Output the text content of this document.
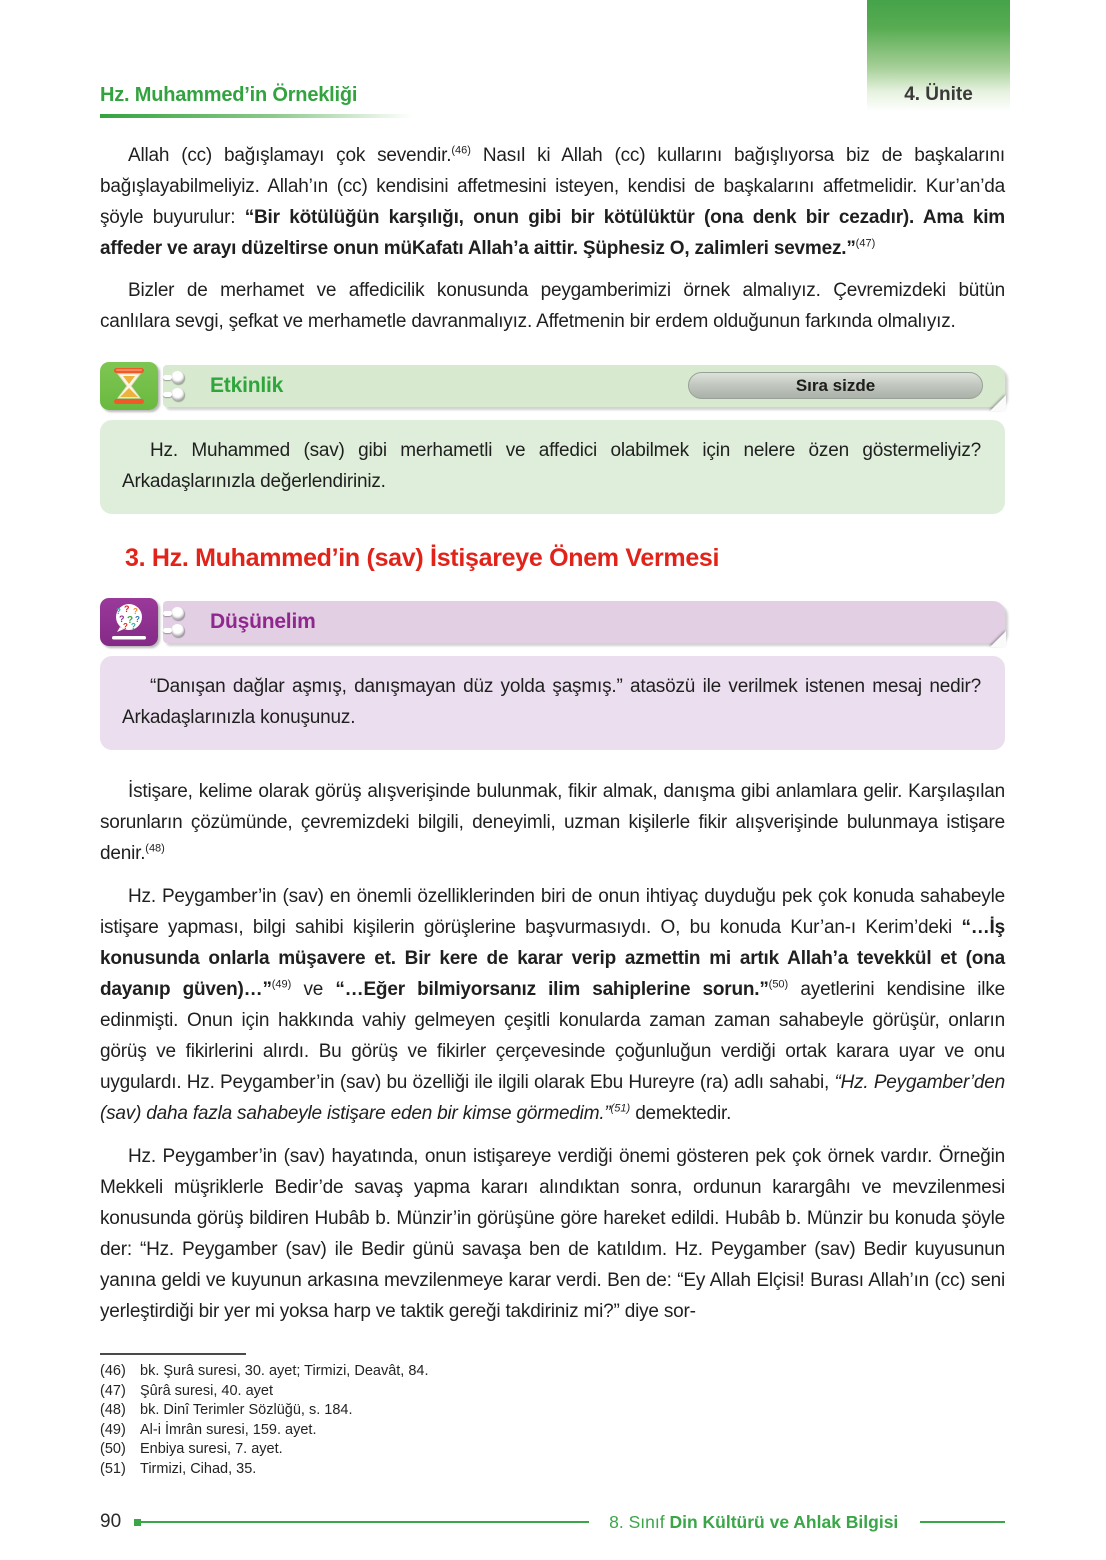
4. Ünite
Hz. Muhammed’in Örnekliği

Allah (cc) bağışlamayı çok sevendir.$^{(46)}$ Nasıl ki Allah (cc) kullarını bağışlıyorsa biz de başkalarını bağışlayabilmeliyiz. Allah’ın (cc) kendisini affetmesini isteyen, kendisi de başkalarını affetmelidir. Kur’an’da şöyle buyurulur: “Bir kötülüğün karşılığı, onun gibi bir kötülüktür (ona denk bir cezadır). Ama kim affeder ve arayı düzeltirse onun müKafatı Allah’a aittir. Şüphesiz O, zalimleri sevmez.”$^{(47)}$

Bizler de merhamet ve affedicilik konusunda peygamberimizi örnek almalıyız. Çevremizdeki bütün canlılara sevgi, şefkat ve merhametle davranmalıyız. Affetmenin bir erdem olduğunun farkında olmalıyız.

Etkinlik	Sıra sizde
Hz. Muhammed (sav) gibi merhametli ve affedici olabilmek için nelere özen göstermeliyiz? Arkadaşlarınızla değerlendiriniz.
3. Hz. Muhammed’in (sav) İstişareye Önem Vermesi
? ? ?
? ? ?
? ?	Düşünelim
“Danışan dağlar aşmış, danışmayan düz yolda şaşmış.” atasözü ile verilmek istenen mesaj nedir? Arkadaşlarınızla konuşunuz.

İstişare, kelime olarak görüş alışverişinde bulunmak, fikir almak, danışma gibi anlamlara gelir. Karşılaşılan sorunların çözümünde, çevremizdeki bilgili, deneyimli, uzman kişilerle fikir alışverişinde bulunmaya istişare denir.$^{(48)}$

Hz. Peygamber’in (sav) en önemli özelliklerinden biri de onun ihtiyaç duyduğu pek çok konuda sahabeyle istişare yapması, bilgi sahibi kişilerin görüşlerine başvurmasıydı. O, bu konuda Kur’an-ı Kerim’deki “…İş konusunda onlarla müşavere et. Bir kere de karar verip azmettin mi artık Allah’a tevekkül et (ona dayanıp güven)…”$^{(49)}$ ve “…Eğer bilmiyorsanız ilim sahiplerine sorun.”$^{(50)}$ ayetlerini kendisine ilke edinmişti. Onun için hakkında vahiy gelmeyen çeşitli konularda zaman zaman sahabeyle görüşür, onların görüş ve fikirlerini alırdı. Bu görüş ve fikirler çerçevesinde çoğunluğun verdiği ortak karara uyar ve onu uygulardı. Hz. Peygamber’in (sav) bu özelliği ile ilgili olarak Ebu Hureyre (ra) adlı sahabi, “Hz. Peygamber’den (sav) daha fazla sahabeyle istişare eden bir kimse görmedim.”$^{(51)}$ demektedir.

Hz. Peygamber’in (sav) hayatında, onun istişareye verdiği önemi gösteren pek çok örnek vardır. Örneğin Mekkeli müşriklerle Bedir’de savaş yapma kararı alındıktan sonra, ordunun karargâhı ve mevzilenmesi konusunda görüş bildiren Hubâb b. Münzir’in görüşüne göre hareket edildi. Hubâb b. Münzir bu konuda şöyle der: “Hz. Peygamber (sav) ile Bedir günü savaşa ben de katıldım. Hz. Peygamber (sav) Bedir kuyusunun yanına geldi ve kuyunun arkasına mevzilenmeye karar verdi. Ben de: “Ey Allah Elçisi! Burası Allah’ın (cc) seni yerleştirdiği bir yer mi yoksa harp ve taktik gereği takdiriniz mi?” diye sor-

(46) bk. Şurâ suresi, 30. ayet; Tirmizi, Deavât, 84.
(47) Şûrâ suresi, 40. ayet
(48) bk. Dinî Terimler Sözlüğü, s. 184.
(49) Al-i İmrân suresi, 159. ayet.
(50) Enbiya suresi, 7. ayet.
(51) Tirmizi, Cihad, 35.
90	8. Sınıf Din Kültürü ve Ahlak Bilgisi
